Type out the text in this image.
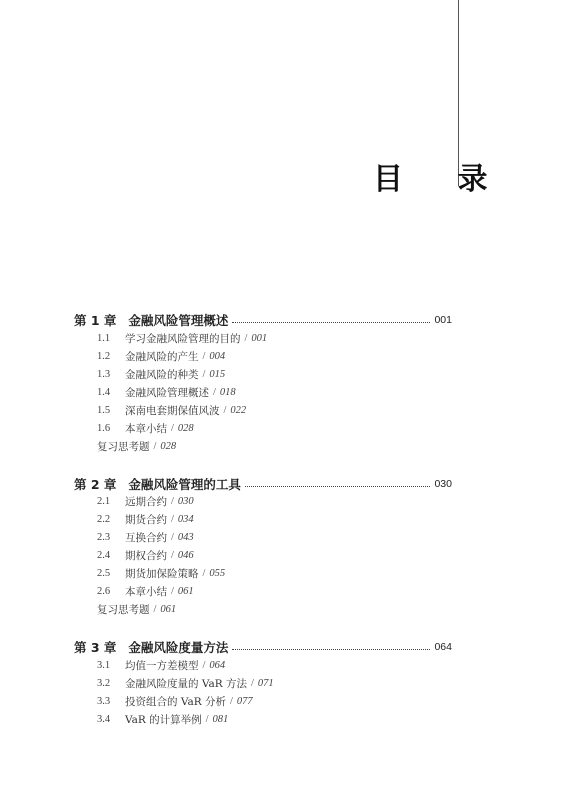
目 录
第 1 章 金融风险管理概述	001
1.1	学习金融风险管理的目的 / 001
1.2	金融风险的产生 / 004
1.3	金融风险的种类 / 015
1.4	金融风险管理概述 / 018
1.5	深南电套期保值风波 / 022
1.6	本章小结 / 028
复习思考题 / 028
第 2 章 金融风险管理的工具	030
2.1	远期合约 / 030
2.2	期货合约 / 034
2.3	互换合约 / 043
2.4	期权合约 / 046
2.5	期货加保险策略 / 055
2.6	本章小结 / 061
复习思考题 / 061
第 3 章 金融风险度量方法	064
3.1	均值一方差模型 / 064
3.2	金融风险度量的 VaR 方法 / 071
3.3	投资组合的 VaR 分析 / 077
3.4	VaR 的计算举例 / 081
